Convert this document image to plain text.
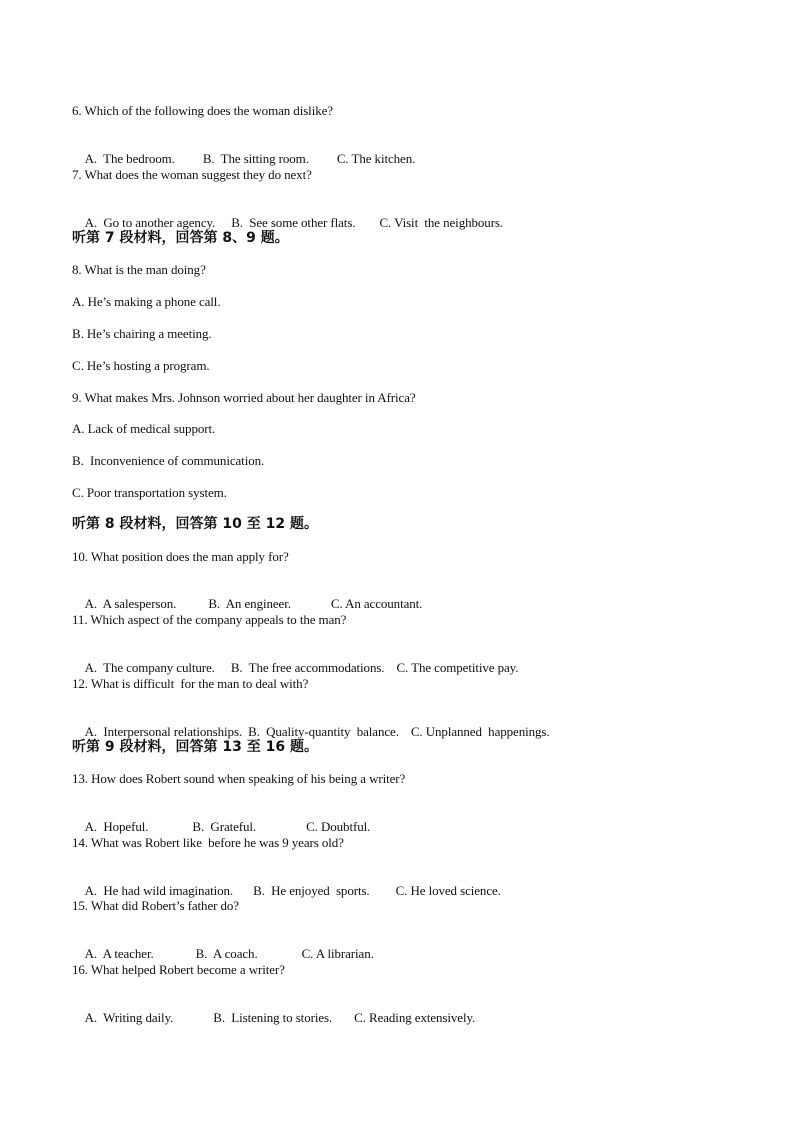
6. Which of the following does the woman dislike?

A.  The bedroom. B.  The sitting room. C. The kitchen.

7. What does the woman suggest they do next?

A.  Go to another agency. B.  See some other flats. C. Visit  the neighbours.

听第 7 段材料，回答第 8、9 题。
8. What is the man doing?
A. He’s making a phone call.
B. He’s chairing a meeting.
C. He’s hosting a program.
9. What makes Mrs. Johnson worried about her daughter in Africa?
A. Lack of medical support.
B.  Inconvenience of communication.
C. Poor transportation system.
听第 8 段材料，回答第 10 至 12 题。
10. What position does the man apply for?

A.  A salesperson. B.  An engineer.	C. An accountant.

11. Which aspect of the company appeals to the man?

A.  The company culture. B.  The free accommodations. C. The competitive pay.

12. What is difficult  for the man to deal with?

A.  Interpersonal relationships. B.  Quality-quantity  balance. C. Unplanned  happenings.

听第 9 段材料，回答第 13 至 16 题。
13. How does Robert sound when speaking of his being a writer?

A.  Hopeful.	B.  Grateful.	C. Doubtful.

14. What was Robert like  before he was 9 years old?

A.  He had wild imagination. B.  He enjoyed  sports. C. He loved science.

15. What did Robert’s father do?

A.  A teacher.	B.  A coach.	C. A librarian.

16. What helped Robert become a writer?

A.  Writing daily.	B.  Listening to stories. C. Reading extensively.
